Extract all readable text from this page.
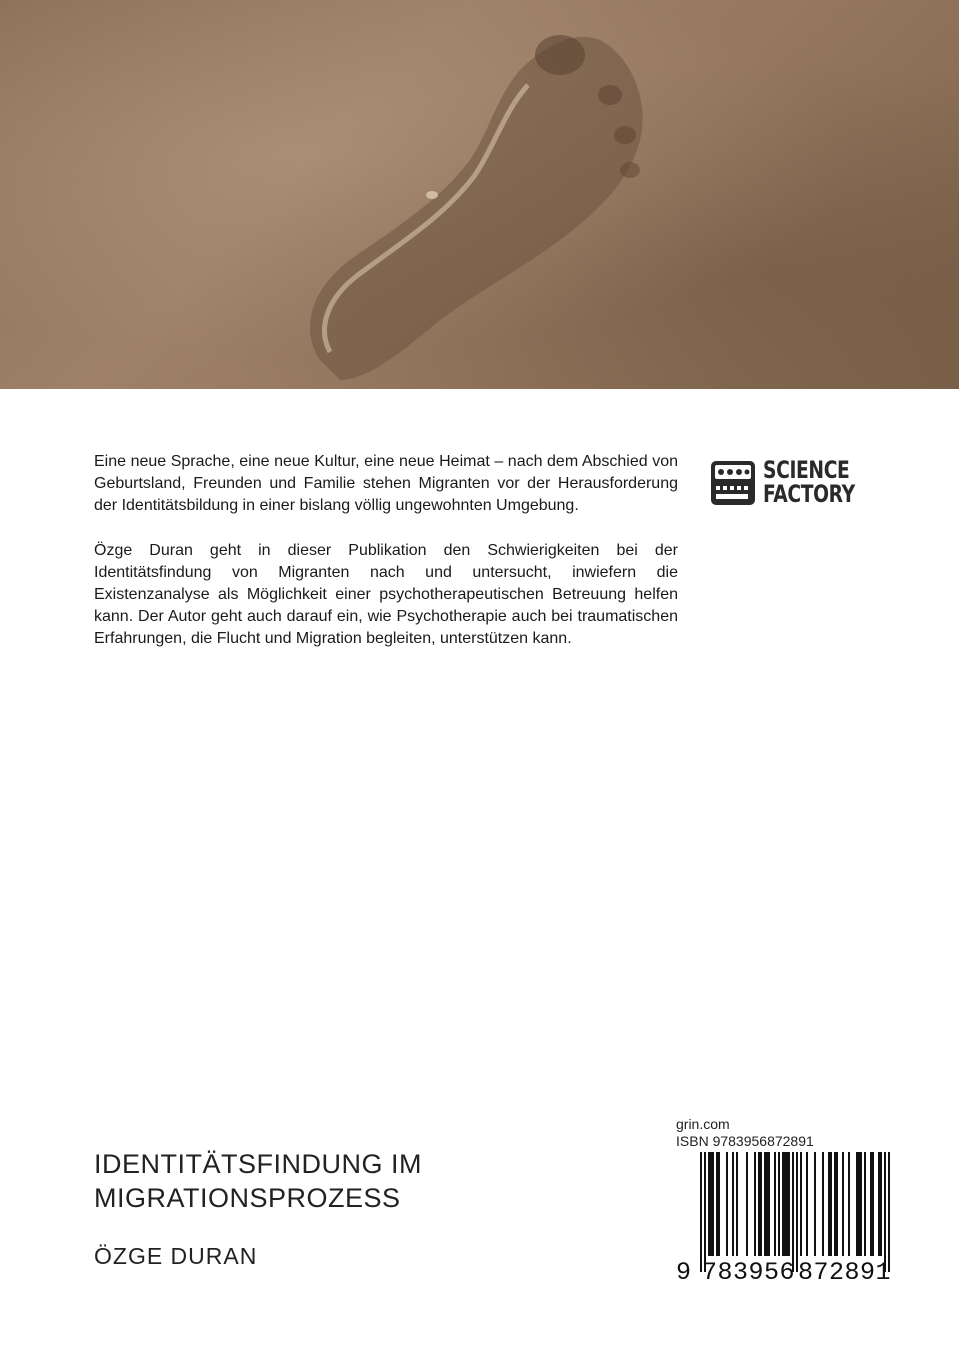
Eine neue Sprache, eine neue Kultur, eine neue Heimat – nach dem Abschied von Geburtsland, Freunden und Familie stehen Migranten vor der Herausforderung der Identitätsbildung in einer bislang völlig ungewohnten Umgebung.

Özge Duran geht in dieser Publikation den Schwierigkeiten bei der Identitätsfindung von Migranten nach und untersucht, inwiefern die Existenzanalyse als Möglichkeit einer psychotherapeutischen Betreuung helfen kann. Der Autor geht auch darauf ein, wie Psychotherapie auch bei traumatischen Erfahrungen, die Flucht und Migration begleiten, unterstützen kann.

SCIENCE
FACTORY
IDENTITÄTSFINDUNG IM
MIGRATIONSPROZESS
ÖZGE DURAN
grin.com
ISBN 9783956872891
9 783956 872891
